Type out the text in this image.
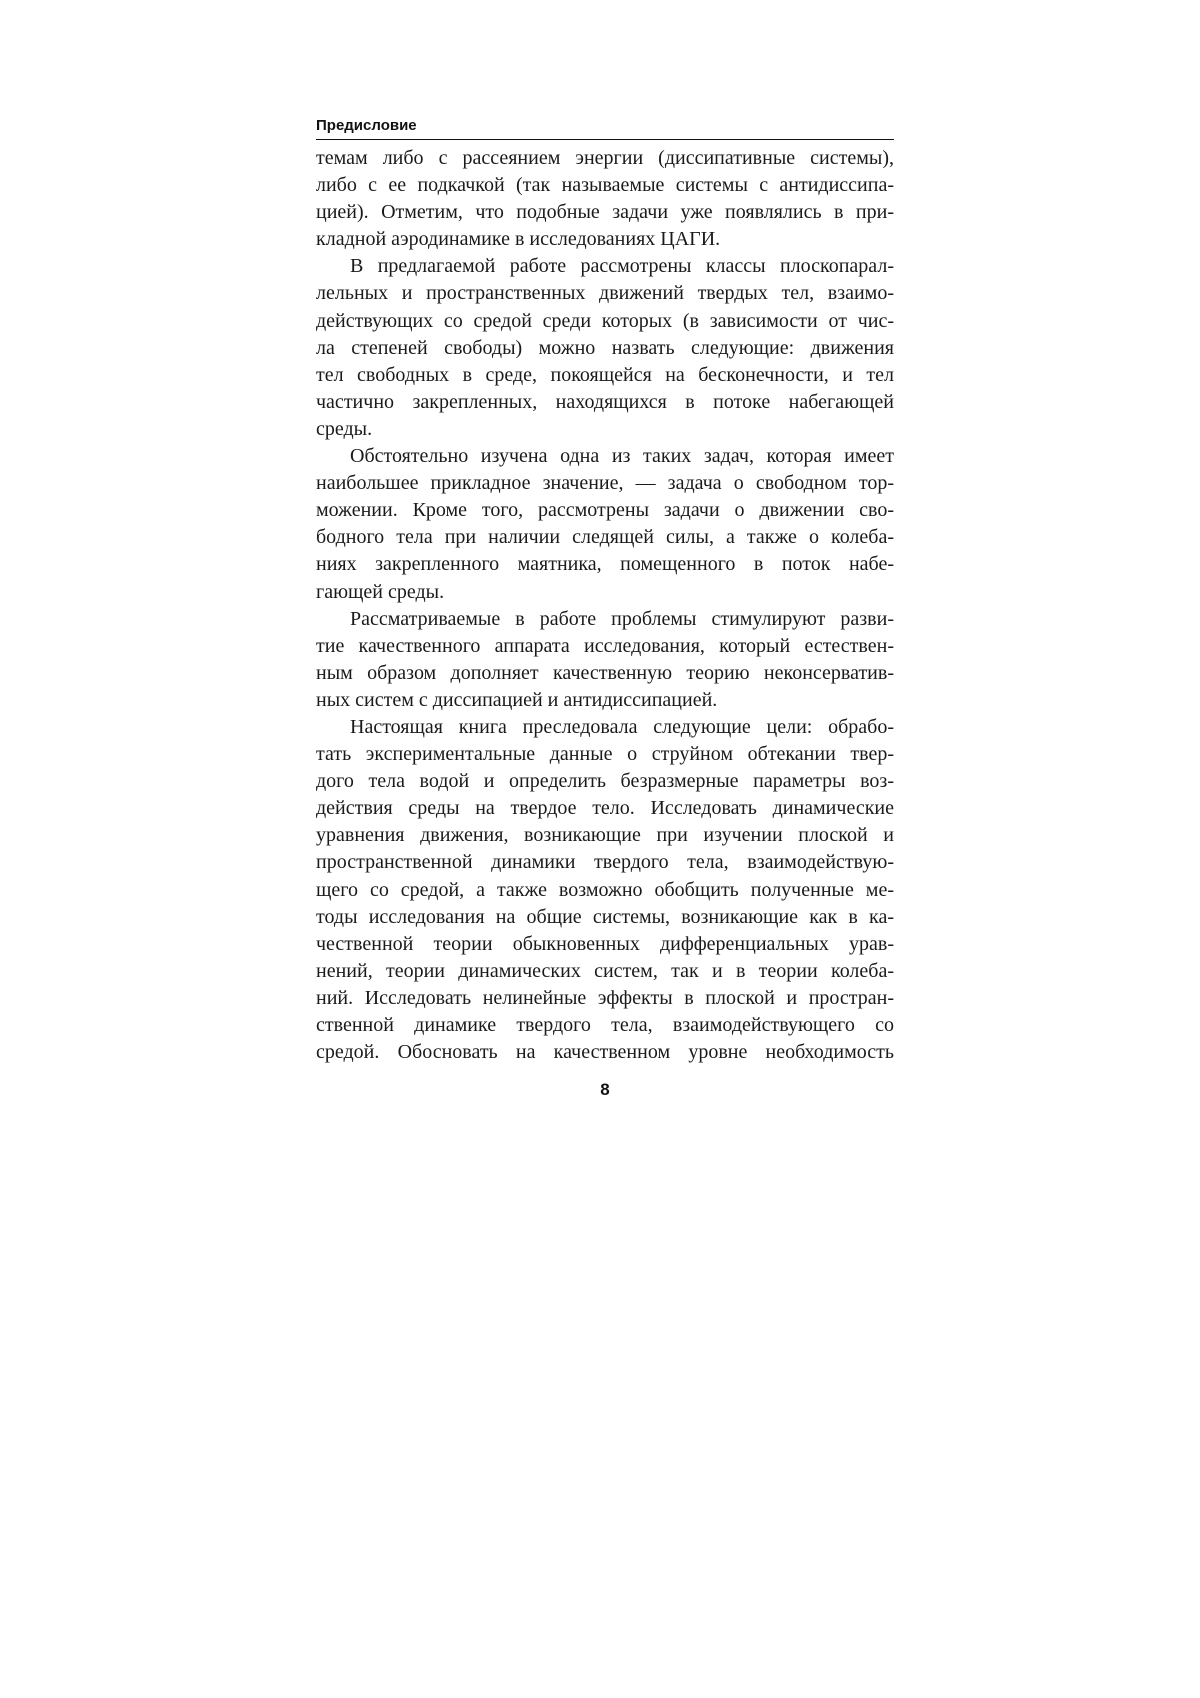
Предисловие

темам либо с рассеянием энергии (диссипативные системы),
либо с ее подкачкой (так называемые системы с антидиссипа-
цией). Отметим, что подобные задачи уже появлялись в при-
кладной аэродинамике в исследованиях ЦАГИ.

В предлагаемой работе рассмотрены классы плоскопарал-
лельных и пространственных движений твердых тел, взаимо-
действующих со средой среди которых (в зависимости от чис-
ла степеней свободы) можно назвать следующие: движения
тел свободных в среде, покоящейся на бесконечности, и тел
частично закрепленных, находящихся в потоке набегающей
среды.

Обстоятельно изучена одна из таких задач, которая имеет
наибольшее прикладное значение, — задача о свободном тор-
можении. Кроме того, рассмотрены задачи о движении сво-
бодного тела при наличии следящей силы, а также о колеба-
ниях закрепленного маятника, помещенного в поток набе-
гающей среды.

Рассматриваемые в работе проблемы стимулируют разви-
тие качественного аппарата исследования, который естествен-
ным образом дополняет качественную теорию неконсерватив-
ных систем с диссипацией и антидиссипацией.

Настоящая книга преследовала следующие цели: обрабо-
тать экспериментальные данные о струйном обтекании твер-
дого тела водой и определить безразмерные параметры воз-
действия среды на твердое тело. Исследовать динамические
уравнения движения, возникающие при изучении плоской и
пространственной динамики твердого тела, взаимодействую-
щего со средой, а также возможно обобщить полученные ме-
тоды исследования на общие системы, возникающие как в ка-
чественной теории обыкновенных дифференциальных урав-
нений, теории динамических систем, так и в теории колеба-
ний. Исследовать нелинейные эффекты в плоской и простран-
ственной динамике твердого тела, взаимодействующего со
средой. Обосновать на качественном уровне необходимость

8
